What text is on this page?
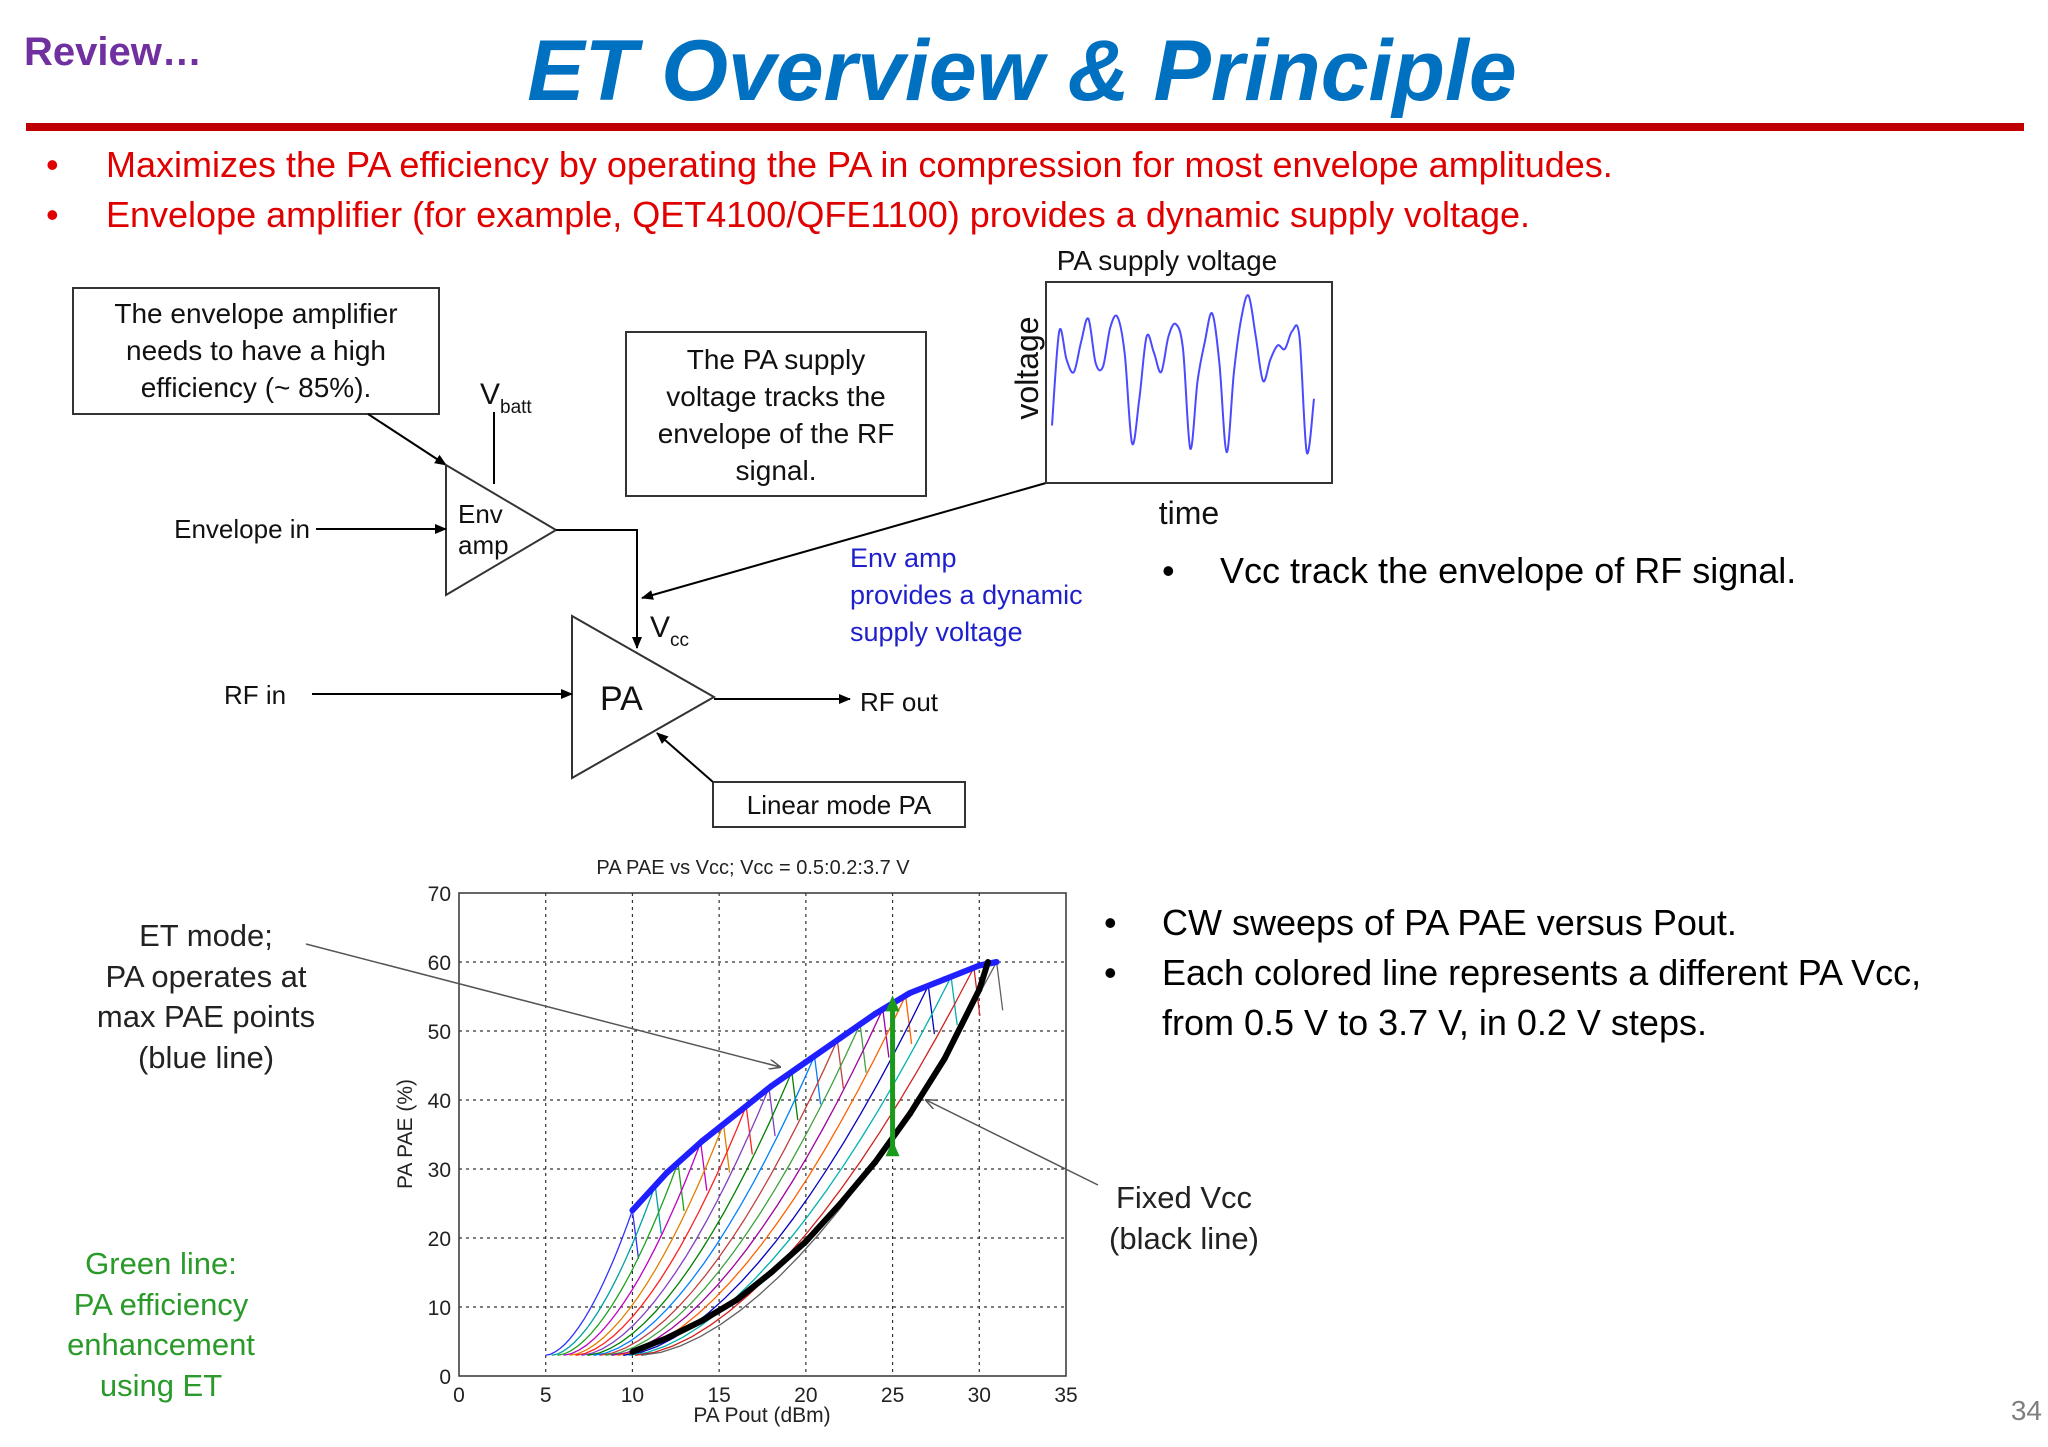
Review…	ET Overview & Principle
•	Maximizes the PA efficiency by operating the PA in compression for most envelope amplitudes.
•	Envelope amplifier (for example, QET4100/QFE1100) provides a dynamic supply voltage.
The envelope amplifier
needs to have a high
efficiency (~ 85%).
The PA supply
voltage tracks the
envelope of the RF
signal.
$V_{batt}$
Env
amp
Envelope in
$V_{cc}$
PA
RF in	RF out
Linear mode PA
Env amp
provides a dynamic
supply voltage
PA supply voltage
voltage
time
•	Vcc track the envelope of RF signal.
•	CW sweeps of PA PAE versus Pout.
•	Each colored line represents a different PA Vcc,
from 0.5 V to 3.7 V, in 0.2 V steps.
PA PAE vs Vcc; Vcc = 0.5:0.2:3.7 V
0	5	10	15	20	25	30	35
0
10
20
30
40
50
60
70
PA Pout (dBm)
PA PAE (%)
ET mode;
PA operates at
max PAE points
(blue line)
Fixed Vcc
(black line)
Green line:
PA efficiency
enhancement
using ET
34
